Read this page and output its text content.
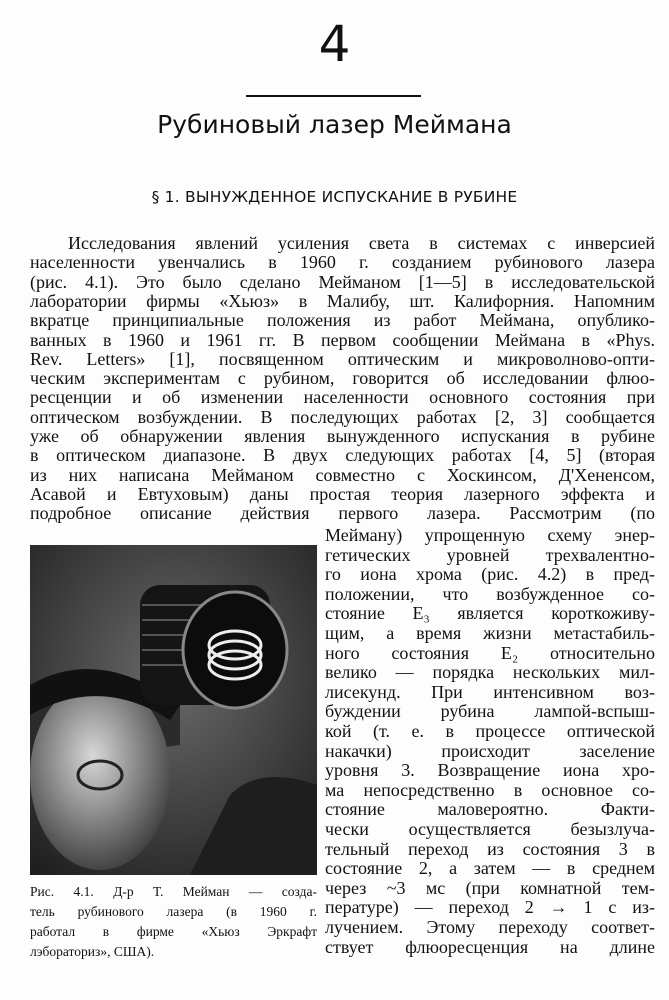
4
Рубиновый лазер Меймана
§ 1. ВЫНУЖДЕННОЕ ИСПУСКАНИЕ В РУБИНЕ
Исследования явлений усиления света в системах с инверсией
населенности увенчались в 1960 г. созданием рубинового лазера
(рис. 4.1). Это было сделано Мейманом [1—5] в исследовательской
лаборатории фирмы «Хьюз» в Малибу, шт. Калифорния. Напомним
вкратце принципиальные положения из работ Меймана, опублико-
ванных в 1960 и 1961 гг. В первом сообщении Меймана в «Phys.
Rev. Letters» [1], посвященном оптическим и микроволново-опти-
ческим экспериментам с рубином, говорится об исследовании флюо-
ресценции и об изменении населенности основного состояния при
оптическом возбуждении. В последующих работах [2, 3] сообщается
уже об обнаружении явления вынужденного испускания в рубине
в оптическом диапазоне. В двух следующих работах [4, 5] (вторая
из них написана Мейманом совместно с Хоскинсом, Д'Хененсом,
Асавой и Евтуховым) даны простая теория лазерного эффекта и
подробное описание действия первого лазера. Рассмотрим (по
Мейману) упрощенную схему энер-
гетических уровней трехвалентно-
го иона хрома (рис. 4.2) в пред-
положении, что возбужденное со-
стояние E₃ является короткоживу-
щим, а время жизни метастабиль-
ного состояния E₂ относительно
велико — порядка нескольких мил-
лисекунд. При интенсивном воз-
буждении рубина лампой-вспыш-
кой (т. е. в процессе оптической
накачки) происходит заселение
уровня 3. Возвращение иона хро-
ма непосредственно в основное со-
стояние маловероятно. Факти-
чески осуществляется безызлуча-
тельный переход из состояния 3 в
состояние 2, а затем — в среднем
через ~3 мс (при комнатной тем-
пературе) — переход 2 → 1 с из-
лучением. Этому переходу соответ-
ствует флюоресценция на длине
Рис. 4.1. Д-р Т. Мейман — созда-
тель рубинового лазера (в 1960 г.
работал в фирме «Хьюз Эркрафт
лэбораториз», США).
